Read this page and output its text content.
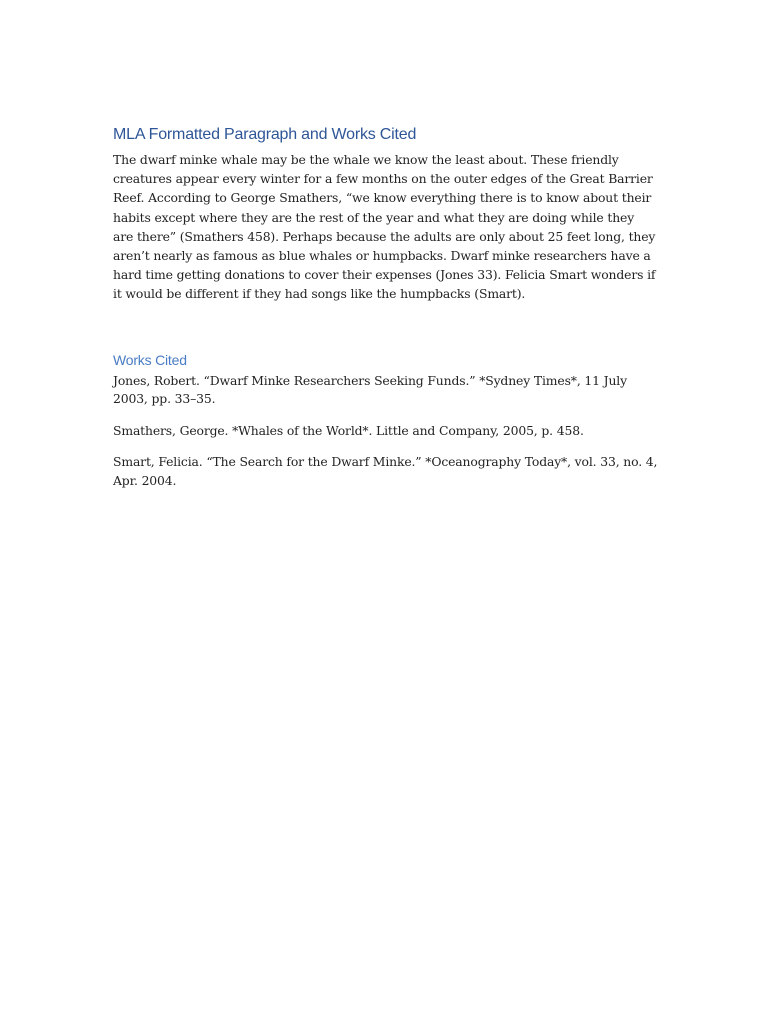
MLA Formatted Paragraph and Works Cited

The dwarf minke whale may be the whale we know the least about. These friendly creatures appear every winter for a few months on the outer edges of the Great Barrier Reef. According to George Smathers, “we know everything there is to know about their habits except where they are the rest of the year and what they are doing while they are there” (Smathers 458). Perhaps because the adults are only about 25 feet long, they aren’t nearly as famous as blue whales or humpbacks. Dwarf minke researchers have a hard time getting donations to cover their expenses (Jones 33). Felicia Smart wonders if it would be different if they had songs like the humpbacks (Smart).

Works Cited

Jones, Robert. “Dwarf Minke Researchers Seeking Funds.” *Sydney Times*, 11 July 2003, pp. 33–35.

Smathers, George. *Whales of the World*. Little and Company, 2005, p. 458.

Smart, Felicia. “The Search for the Dwarf Minke.” *Oceanography Today*, vol. 33, no. 4, Apr. 2004.
